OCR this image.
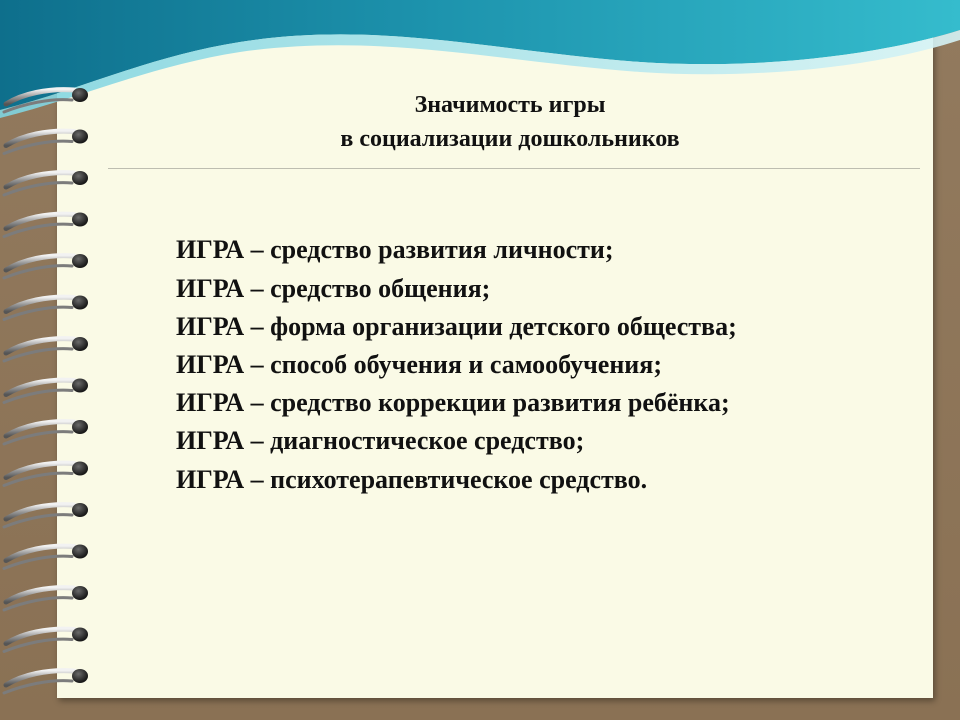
Значимость игры
в социализации дошкольников
ИГРА – средство развития личности;
ИГРА – средство общения;
ИГРА – форма организации детского общества;
ИГРА – способ обучения и самообучения;
ИГРА – средство коррекции развития ребёнка;
ИГРА – диагностическое средство;
ИГРА – психотерапевтическое средство.
